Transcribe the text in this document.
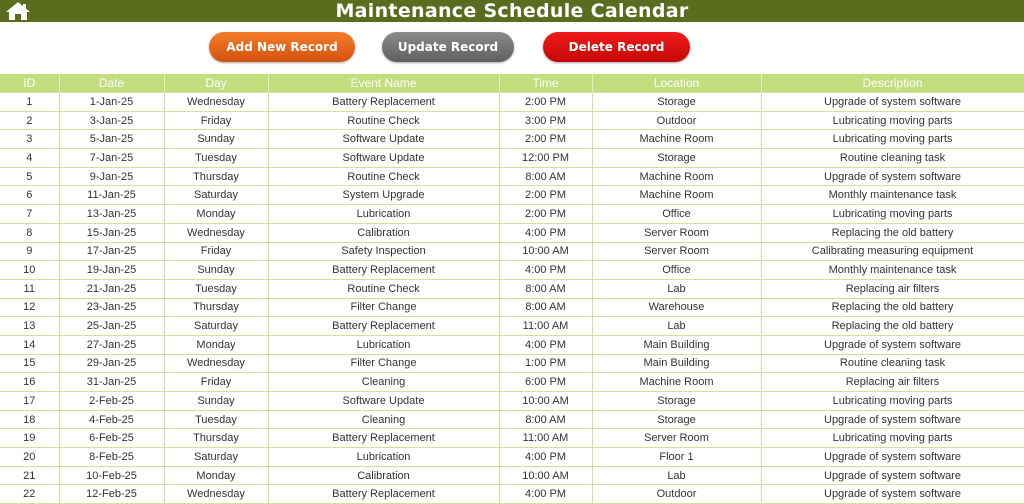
Maintenance Schedule Calendar
Add New Record	Update Record	Delete Record
ID	Date	Day	Event Name	Time	Location	Description
1	1-Jan-25	Wednesday	Battery Replacement	2:00 PM	Storage	Upgrade of system software
2	3-Jan-25	Friday	Routine Check	3:00 PM	Outdoor	Lubricating moving parts
3	5-Jan-25	Sunday	Software Update	2:00 PM	Machine Room	Lubricating moving parts
4	7-Jan-25	Tuesday	Software Update	12:00 PM	Storage	Routine cleaning task
5	9-Jan-25	Thursday	Routine Check	8:00 AM	Machine Room	Upgrade of system software
6	11-Jan-25	Saturday	System Upgrade	2:00 PM	Machine Room	Monthly maintenance task
7	13-Jan-25	Monday	Lubrication	2:00 PM	Office	Lubricating moving parts
8	15-Jan-25	Wednesday	Calibration	4:00 PM	Server Room	Replacing the old battery
9	17-Jan-25	Friday	Safety Inspection	10:00 AM	Server Room	Calibrating measuring equipment
10	19-Jan-25	Sunday	Battery Replacement	4:00 PM	Office	Monthly maintenance task
11	21-Jan-25	Tuesday	Routine Check	8:00 AM	Lab	Replacing air filters
12	23-Jan-25	Thursday	Filter Change	8:00 AM	Warehouse	Replacing the old battery
13	25-Jan-25	Saturday	Battery Replacement	11:00 AM	Lab	Replacing the old battery
14	27-Jan-25	Monday	Lubrication	4:00 PM	Main Building	Upgrade of system software
15	29-Jan-25	Wednesday	Filter Change	1:00 PM	Main Building	Routine cleaning task
16	31-Jan-25	Friday	Cleaning	6:00 PM	Machine Room	Replacing air filters
17	2-Feb-25	Sunday	Software Update	10:00 AM	Storage	Lubricating moving parts
18	4-Feb-25	Tuesday	Cleaning	8:00 AM	Storage	Upgrade of system software
19	6-Feb-25	Thursday	Battery Replacement	11:00 AM	Server Room	Lubricating moving parts
20	8-Feb-25	Saturday	Lubrication	4:00 PM	Floor 1	Upgrade of system software
21	10-Feb-25	Monday	Calibration	10:00 AM	Lab	Upgrade of system software
22	12-Feb-25	Wednesday	Battery Replacement	4:00 PM	Outdoor	Upgrade of system software
